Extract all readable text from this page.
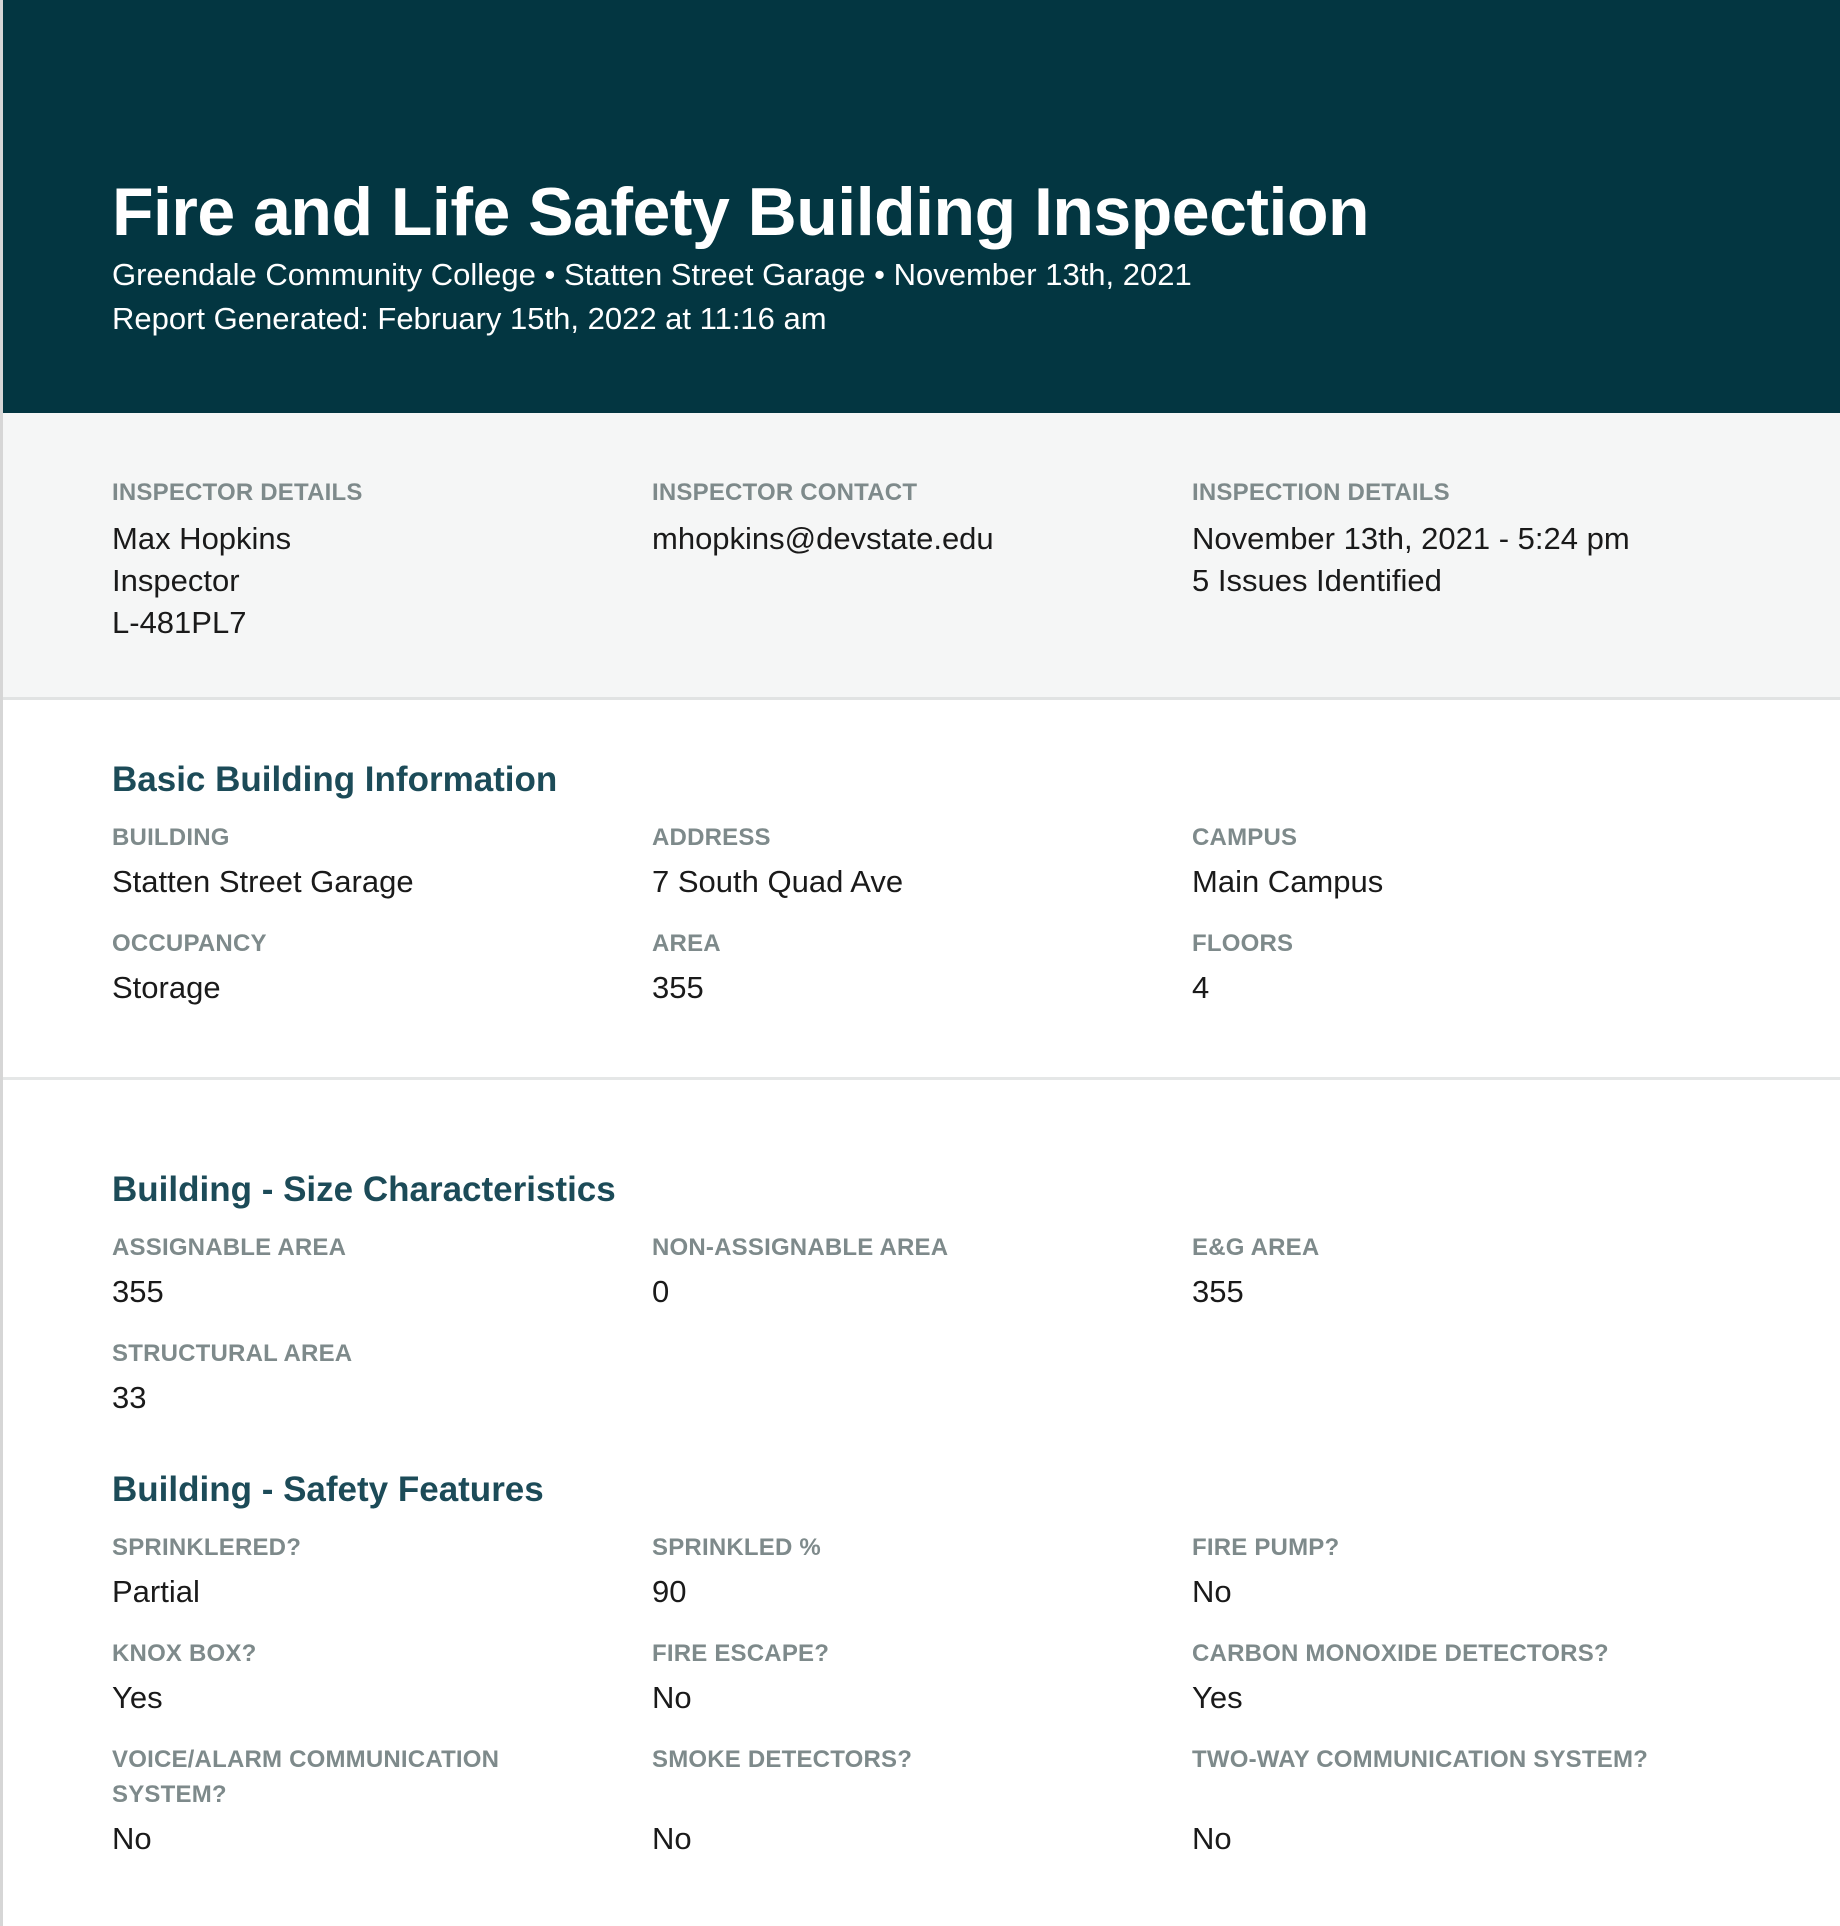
Fire and Life Safety Building Inspection
Greendale Community College • Statten Street Garage • November 13th, 2021
Report Generated: February 15th, 2022 at 11:16 am
INSPECTOR DETAILS
Max Hopkins
Inspector
L-481PL7
INSPECTOR CONTACT
mhopkins@devstate.edu
INSPECTION DETAILS
November 13th, 2021 - 5:24 pm
5 Issues Identified
Basic Building Information
BUILDING
Statten Street Garage
ADDRESS
7 South Quad Ave
CAMPUS
Main Campus
OCCUPANCY
Storage
AREA
355
FLOORS
4
Building - Size Characteristics
ASSIGNABLE AREA
355
NON-ASSIGNABLE AREA
0
E&G AREA
355
STRUCTURAL AREA
33
Building - Safety Features
SPRINKLERED?
Partial
SPRINKLED %
90
FIRE PUMP?
No
KNOX BOX?
Yes
FIRE ESCAPE?
No
CARBON MONOXIDE DETECTORS?
Yes
VOICE/ALARM COMMUNICATION SYSTEM?
No
SMOKE DETECTORS?
No
TWO-WAY COMMUNICATION SYSTEM?
No
